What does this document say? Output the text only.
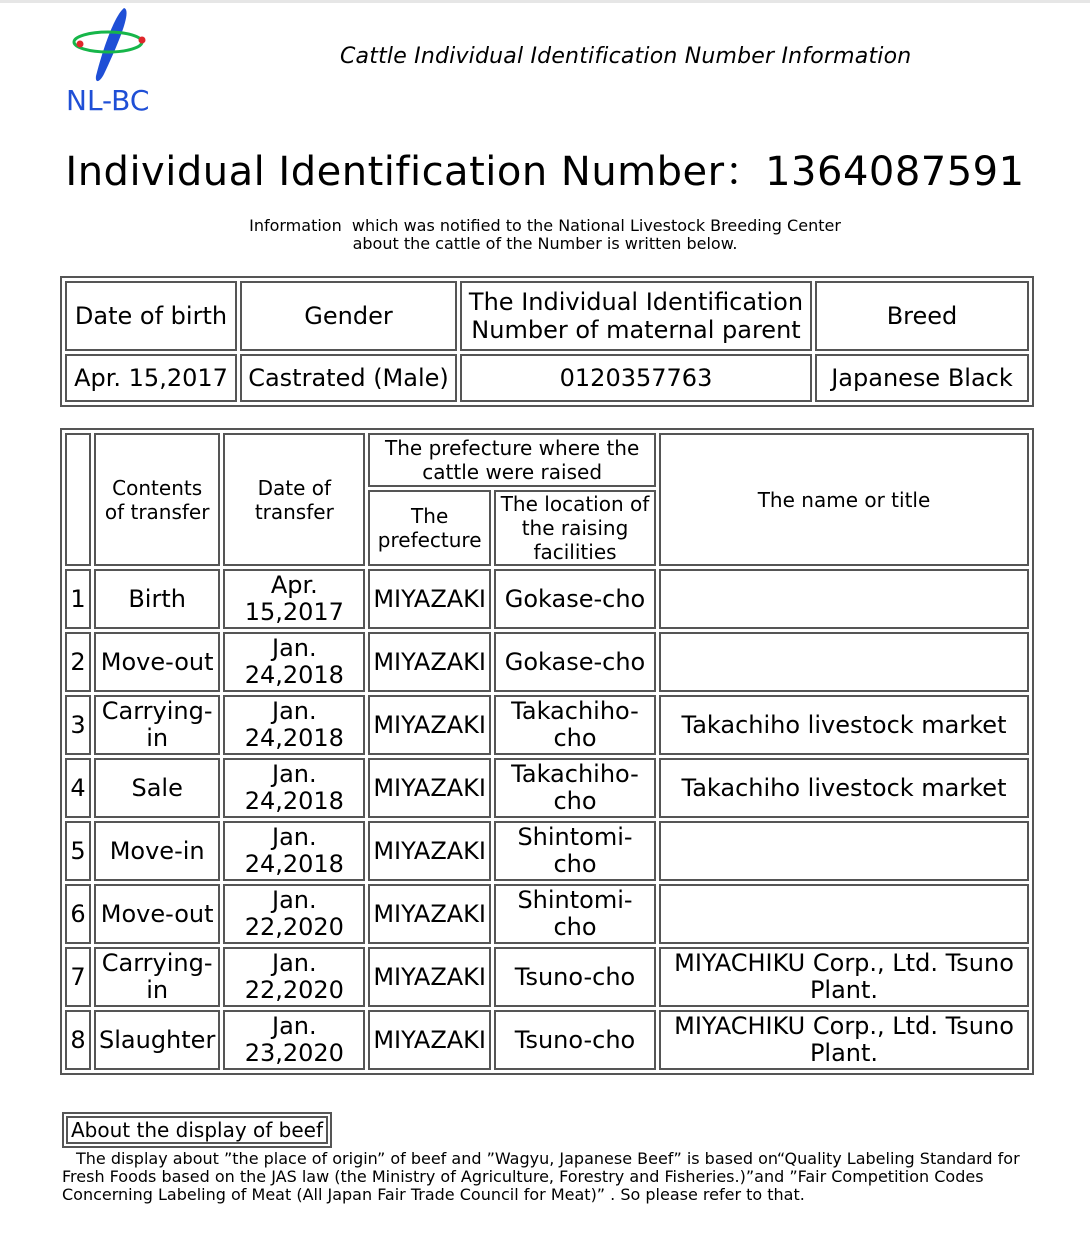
NL-BC
Cattle Individual Identification Number Information
Individual Identification Number：1364087591
Information  which was notified to the National Livestock Breeding Center
about the cattle of the Number is written below.
Date of birth	Gender	The Individual Identification Number of maternal parent	Breed
Apr. 15,2017	Castrated (Male)	0120357763	Japanese Black
	Contents of transfer	Date of transfer	The prefecture where the cattle were raised		The name or title
			The prefecture	The location of the raising facilities	
1	Birth	Apr. 15,2017	MIYAZAKI	Gokase-cho	
2	Move-out	Jan. 24,2018	MIYAZAKI	Gokase-cho	
3	Carrying-in	Jan. 24,2018	MIYAZAKI	Takachiho-cho	Takachiho livestock market
4	Sale	Jan. 24,2018	MIYAZAKI	Takachiho-cho	Takachiho livestock market
5	Move-in	Jan. 24,2018	MIYAZAKI	Shintomi-cho	
6	Move-out	Jan. 22,2020	MIYAZAKI	Shintomi-cho	
7	Carrying-in	Jan. 22,2020	MIYAZAKI	Tsuno-cho	MIYACHIKU Corp., Ltd. Tsuno Plant.
8	Slaughter	Jan. 23,2020	MIYAZAKI	Tsuno-cho	MIYACHIKU Corp., Ltd. Tsuno Plant.
About the display of beef
The display about ”the place of origin” of beef and ”Wagyu, Japanese Beef” is based on“Quality Labeling Standard for Fresh Foods based on the JAS law (the Ministry of Agriculture, Forestry and Fisheries.)”and ”Fair Competition Codes Concerning Labeling of Meat (All Japan Fair Trade Council for Meat)” . So please refer to that.
